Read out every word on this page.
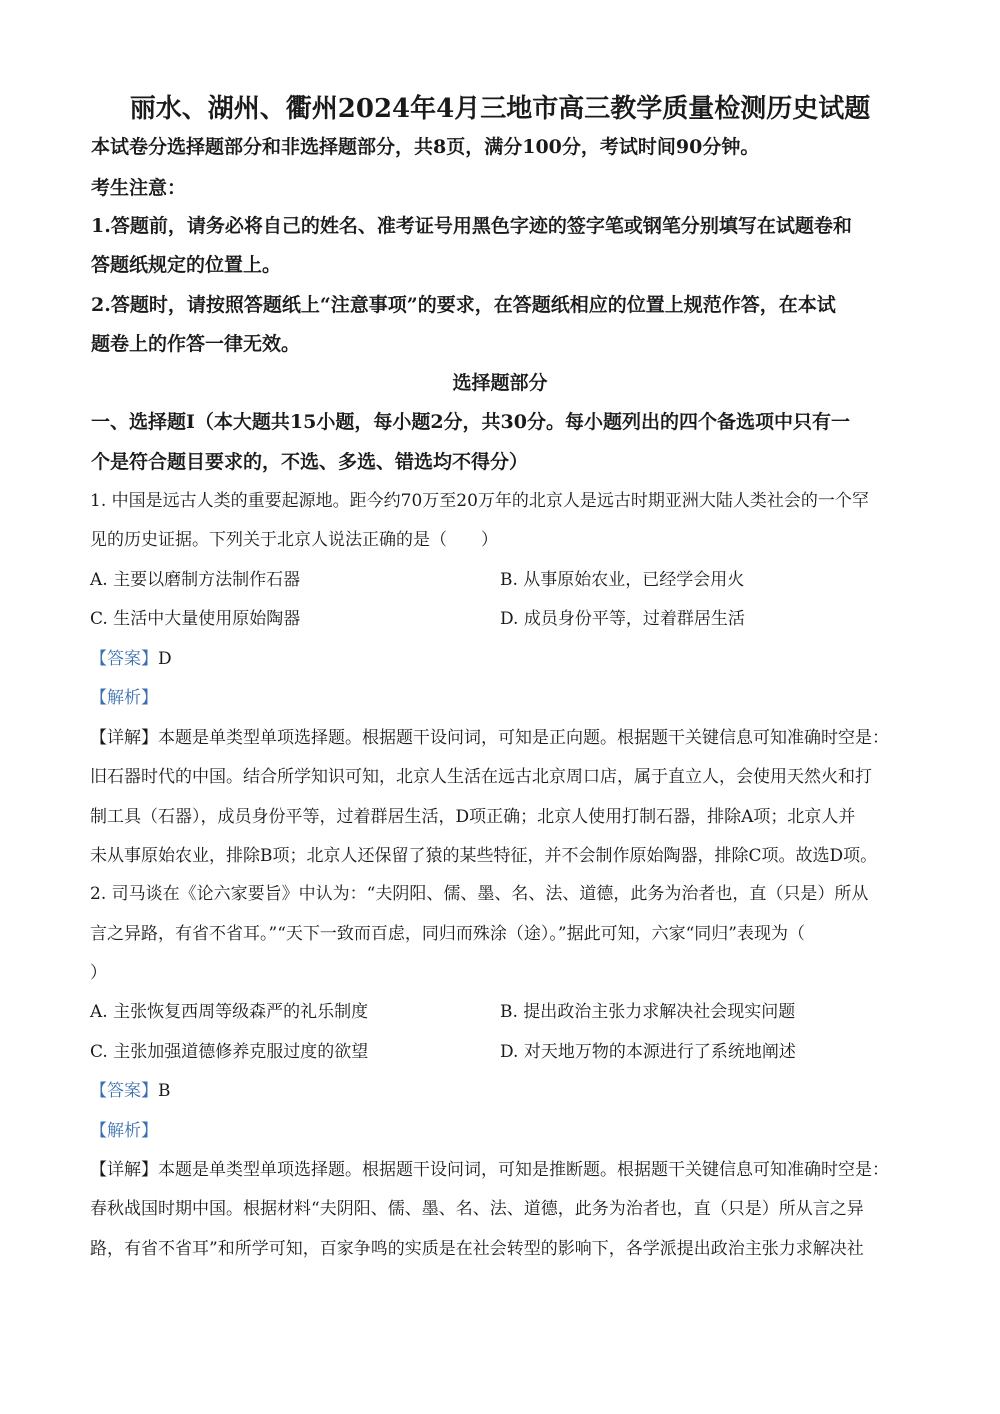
丽水、湖州、衢州2024年4月三地市高三教学质量检测历史试题
本试卷分选择题部分和非选择题部分，共8页，满分100分，考试时间90分钟。
考生注意：
1.答题前，请务必将自己的姓名、准考证号用黑色字迹的签字笔或钢笔分别填写在试题卷和
答题纸规定的位置上。
2.答题时，请按照答题纸上“注意事项”的要求，在答题纸相应的位置上规范作答，在本试
题卷上的作答一律无效。
选择题部分
一、选择题Ⅰ（本大题共15小题，每小题2分，共30分。每小题列出的四个备选项中只有一
个是符合题目要求的，不选、多选、错选均不得分）
1. 中国是远古人类的重要起源地。距今约70万至20万年的北京人是远古时期亚洲大陆人类社会的一个罕
见的历史证据。下列关于北京人说法正确的是（　　）
A. 主要以磨制方法制作石器	B. 从事原始农业，已经学会用火
C. 生活中大量使用原始陶器	D. 成员身份平等，过着群居生活
【答案】D
【解析】
【详解】本题是单类型单项选择题。根据题干设问词，可知是正向题。根据题干关键信息可知准确时空是：
旧石器时代的中国。结合所学知识可知，北京人生活在远古北京周口店，属于直立人，会使用天然火和打
制工具（石器），成员身份平等，过着群居生活，D项正确；北京人使用打制石器，排除A项；北京人并
未从事原始农业，排除B项；北京人还保留了猿的某些特征，并不会制作原始陶器，排除C项。故选D项。
2. 司马谈在《论六家要旨》中认为：“夫阴阳、儒、墨、名、法、道德，此务为治者也，直（只是）所从
言之异路，有省不省耳。”“天下一致而百虑，同归而殊涂（途）。”据此可知，六家“同归”表现为（
）
A. 主张恢复西周等级森严的礼乐制度	B. 提出政治主张力求解决社会现实问题
C. 主张加强道德修养克服过度的欲望	D. 对天地万物的本源进行了系统地阐述
【答案】B
【解析】
【详解】本题是单类型单项选择题。根据题干设问词，可知是推断题。根据题干关键信息可知准确时空是：
春秋战国时期中国。根据材料“夫阴阳、儒、墨、名、法、道德，此务为治者也，直（只是）所从言之异
路，有省不省耳”和所学可知，百家争鸣的实质是在社会转型的影响下，各学派提出政治主张力求解决社
